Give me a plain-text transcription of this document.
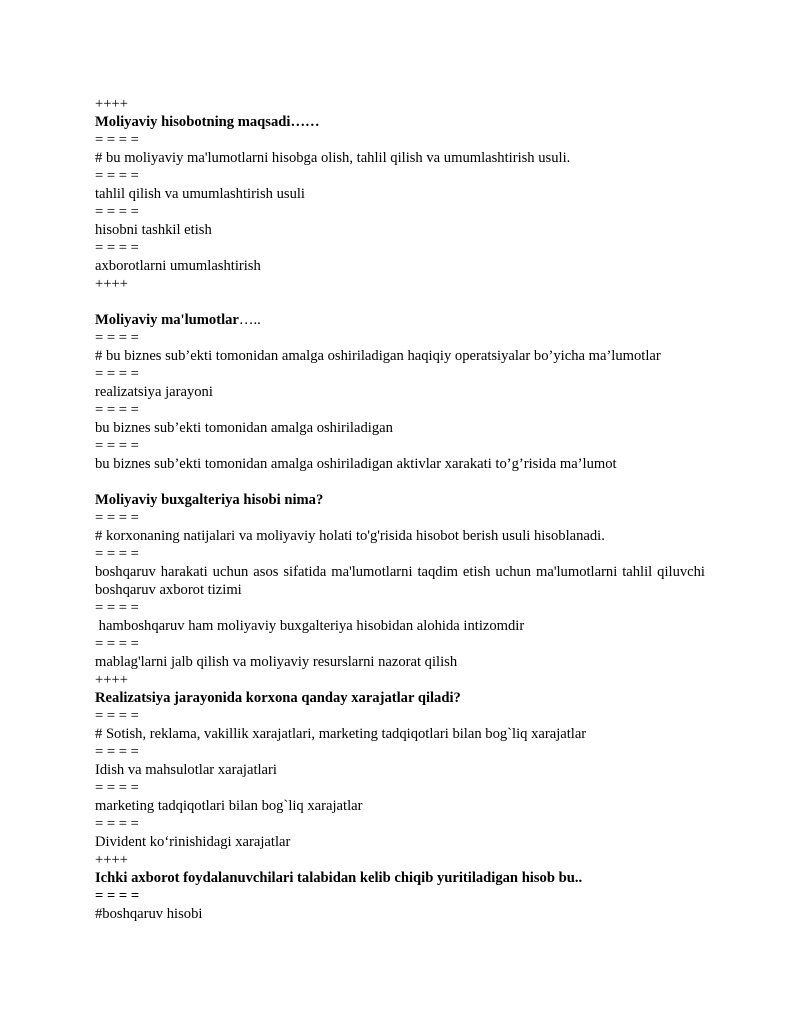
++++

Moliyaviy hisobotning maqsadi……

= = = =

# bu moliyaviy ma'lumotlarni hisobga olish, tahlil qilish va umumlashtirish usuli.

= = = =

tahlil qilish va umumlashtirish usuli

= = = =

hisobni tashkil etish

= = = =

axborotlarni umumlashtirish

++++

Moliyaviy ma'lumotlar…..

= = = =

# bu biznes sub’ekti tomonidan amalga oshiriladigan haqiqiy operatsiyalar bo’yicha ma’lumotlar

= = = =

realizatsiya jarayoni

= = = =

bu biznes sub’ekti tomonidan amalga oshiriladigan

= = = =

bu biznes sub’ekti tomonidan amalga oshiriladigan aktivlar xarakati to’g’risida ma’lumot

Moliyaviy buxgalteriya hisobi nima?

= = = =

# korxonaning natijalari va moliyaviy holati to'g'risida hisobot berish usuli hisoblanadi.

= = = =

boshqaruv harakati uchun asos sifatida ma'lumotlarni taqdim etish uchun ma'lumotlarni tahlil qiluvchi boshqaruv axborot tizimi

= = = =

hamboshqaruv ham moliyaviy buxgalteriya hisobidan alohida intizomdir

= = = =

mablag'larni jalb qilish va moliyaviy resurslarni nazorat qilish

++++

Realizatsiya jarayonida korxona qanday xarajatlar qiladi?

= = = =

# Sotish, reklama, vakillik xarajatlari, marketing tadqiqotlari bilan bog`liq xarajatlar

= = = =

Idish va mahsulotlar xarajatlari

= = = =

marketing tadqiqotlari bilan bog`liq xarajatlar

= = = =

Divident ko‘rinishidagi xarajatlar

++++

Ichki axborot foydalanuvchilari talabidan kelib chiqib yuritiladigan hisob bu..

= = = =

#boshqaruv hisobi
